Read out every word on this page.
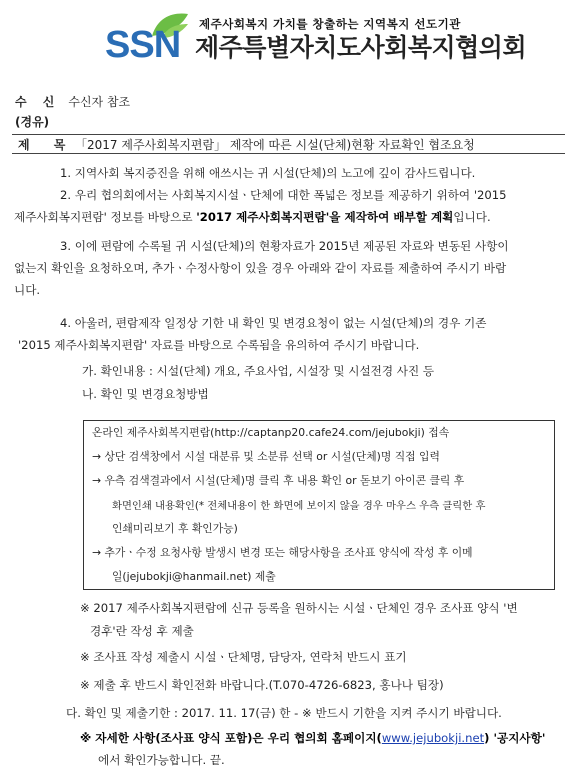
SSN 제주사회복지 가치를 창출하는 지역복지 선도기관
제주특별자치도사회복지협의회
수 신 수신자 참조
(경유)
제 목 「2017 제주사회복지편람」 제작에 따른 시설(단체)현황 자료확인 협조요청
1. 지역사회 복지증진을 위해 애쓰시는 귀 시설(단체)의 노고에 깊이 감사드립니다.
2. 우리 협의회에서는 사회복지시설ㆍ단체에 대한 폭넓은 정보를 제공하기 위하여 '2015
제주사회복지편람' 정보를 바탕으로 '2017 제주사회복지편람'을 제작하여 배부할 계획입니다.
3. 이에 편람에 수록될 귀 시설(단체)의 현황자료가 2015년 제공된 자료와 변동된 사항이
없는지 확인을 요청하오며, 추가ㆍ수정사항이 있을 경우 아래와 같이 자료를 제출하여 주시기 바람
니다.
4. 아울러, 편람제작 일정상 기한 내 확인 및 변경요청이 없는 시설(단체)의 경우 기존
'2015 제주사회복지편람' 자료를 바탕으로 수록됨을 유의하여 주시기 바랍니다.
가. 확인내용 : 시설(단체) 개요, 주요사업, 시설장 및 시설전경 사진 등
나. 확인 및 변경요청방법
온라인 제주사회복지편람(http://captanp20.cafe24.com/jejubokji) 접속
→ 상단 검색창에서 시설 대분류 및 소분류 선택 or 시설(단체)명 직접 입력
→ 우측 검색결과에서 시설(단체)명 클릭 후 내용 확인 or 돋보기 아이콘 클릭 후
화면인쇄 내용확인(* 전체내용이 한 화면에 보이지 않을 경우 마우스 우측 클릭한 후
인쇄미리보기 후 확인가능)
→ 추가ㆍ수정 요청사항 발생시 변경 또는 해당사항을 조사표 양식에 작성 후 이메
일(jejubokji@hanmail.net) 제출
※ 2017 제주사회복지편람에 신규 등록을 원하시는 시설ㆍ단체인 경우 조사표 양식 '변
경후'란 작성 후 제출
※ 조사표 작성 제출시 시설ㆍ단체명, 담당자, 연락처 반드시 표기
※ 제출 후 반드시 확인전화 바랍니다.(T.070-4726-6823, 홍나나 팀장)
다. 확인 및 제출기한 : 2017. 11. 17(금) 한 - ※ 반드시 기한을 지켜 주시기 바랍니다.
※ 자세한 사항(조사표 양식 포함)은 우리 협의회 홈페이지(www.jejubokji.net) '공지사항'
에서 확인가능합니다. 끝.
